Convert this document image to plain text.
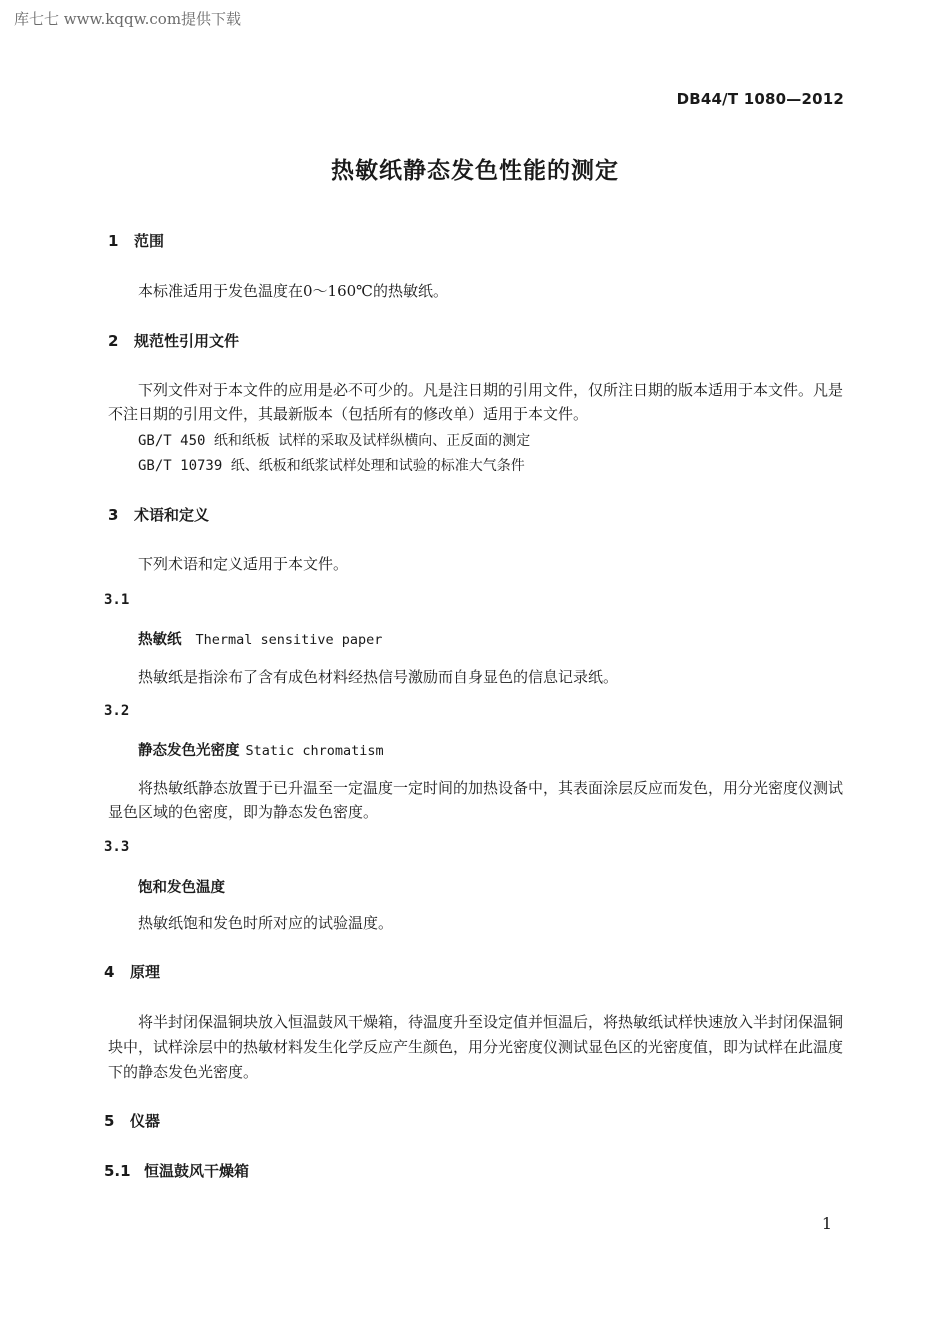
库七七 www.kqqw.com提供下载
DB44/T 1080—2012
热敏纸静态发色性能的测定
1 范围
本标准适用于发色温度在0～160℃的热敏纸。
2 规范性引用文件
下列文件对于本文件的应用是必不可少的。凡是注日期的引用文件，仅所注日期的版本适用于本文件。凡是不注日期的引用文件，其最新版本（包括所有的修改单）适用于本文件。
GB/T 450 纸和纸板 试样的采取及试样纵横向、正反面的测定
GB/T 10739 纸、纸板和纸浆试样处理和试验的标准大气条件
3 术语和定义
下列术语和定义适用于本文件。
3.1
热敏纸 Thermal sensitive paper
热敏纸是指涂布了含有成色材料经热信号激励而自身显色的信息记录纸。
3.2
静态发色光密度 Static chromatism
将热敏纸静态放置于已升温至一定温度一定时间的加热设备中，其表面涂层反应而发色，用分光密度仪测试显色区域的色密度，即为静态发色密度。
3.3
饱和发色温度
热敏纸饱和发色时所对应的试验温度。
4 原理
将半封闭保温铜块放入恒温鼓风干燥箱，待温度升至设定值并恒温后，将热敏纸试样快速放入半封闭保温铜块中，试样涂层中的热敏材料发生化学反应产生颜色，用分光密度仪测试显色区的光密度值，即为试样在此温度下的静态发色光密度。
5 仪器
5.1 恒温鼓风干燥箱
1
